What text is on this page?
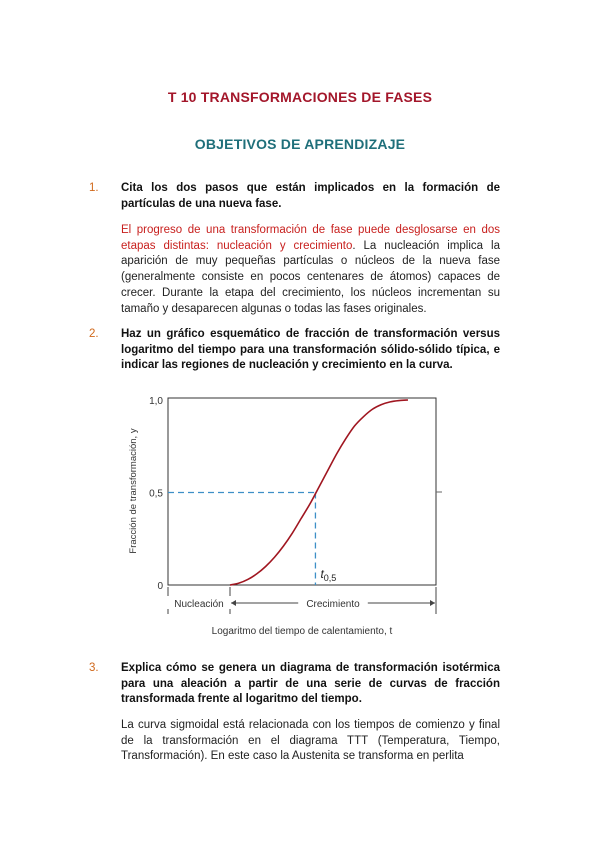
T 10 TRANSFORMACIONES DE FASES
OBJETIVOS DE APRENDIZAJE
1. Cita los dos pasos que están implicados en la formación de partículas de una nueva fase.
El progreso de una transformación de fase puede desglosarse en dos etapas distintas: nucleación y crecimiento. La nucleación implica la aparición de muy pequeñas partículas o núcleos de la nueva fase (generalmente consiste en pocos centenares de átomos) capaces de crecer. Durante la etapa del crecimiento, los núcleos incrementan su tamaño y desaparecen algunas o todas las fases originales.
2. Haz un gráfico esquemático de fracción de transformación versus logaritmo del tiempo para una transformación sólido-sólido típica, e indicar las regiones de nucleación y crecimiento en la curva.
0
0,5
1,0
$t_{0,5}$
Fracción de transformación, y
Nucleación	Crecimiento
Logaritmo del tiempo de calentamiento, t
3. Explica cómo se genera un diagrama de transformación isotérmica para una aleación a partir de una serie de curvas de fracción transformada frente al logaritmo del tiempo.
La curva sigmoidal está relacionada con los tiempos de comienzo y final de la transformación en el diagrama TTT (Temperatura, Tiempo, Transformación). En este caso la Austenita se transforma en perlita
